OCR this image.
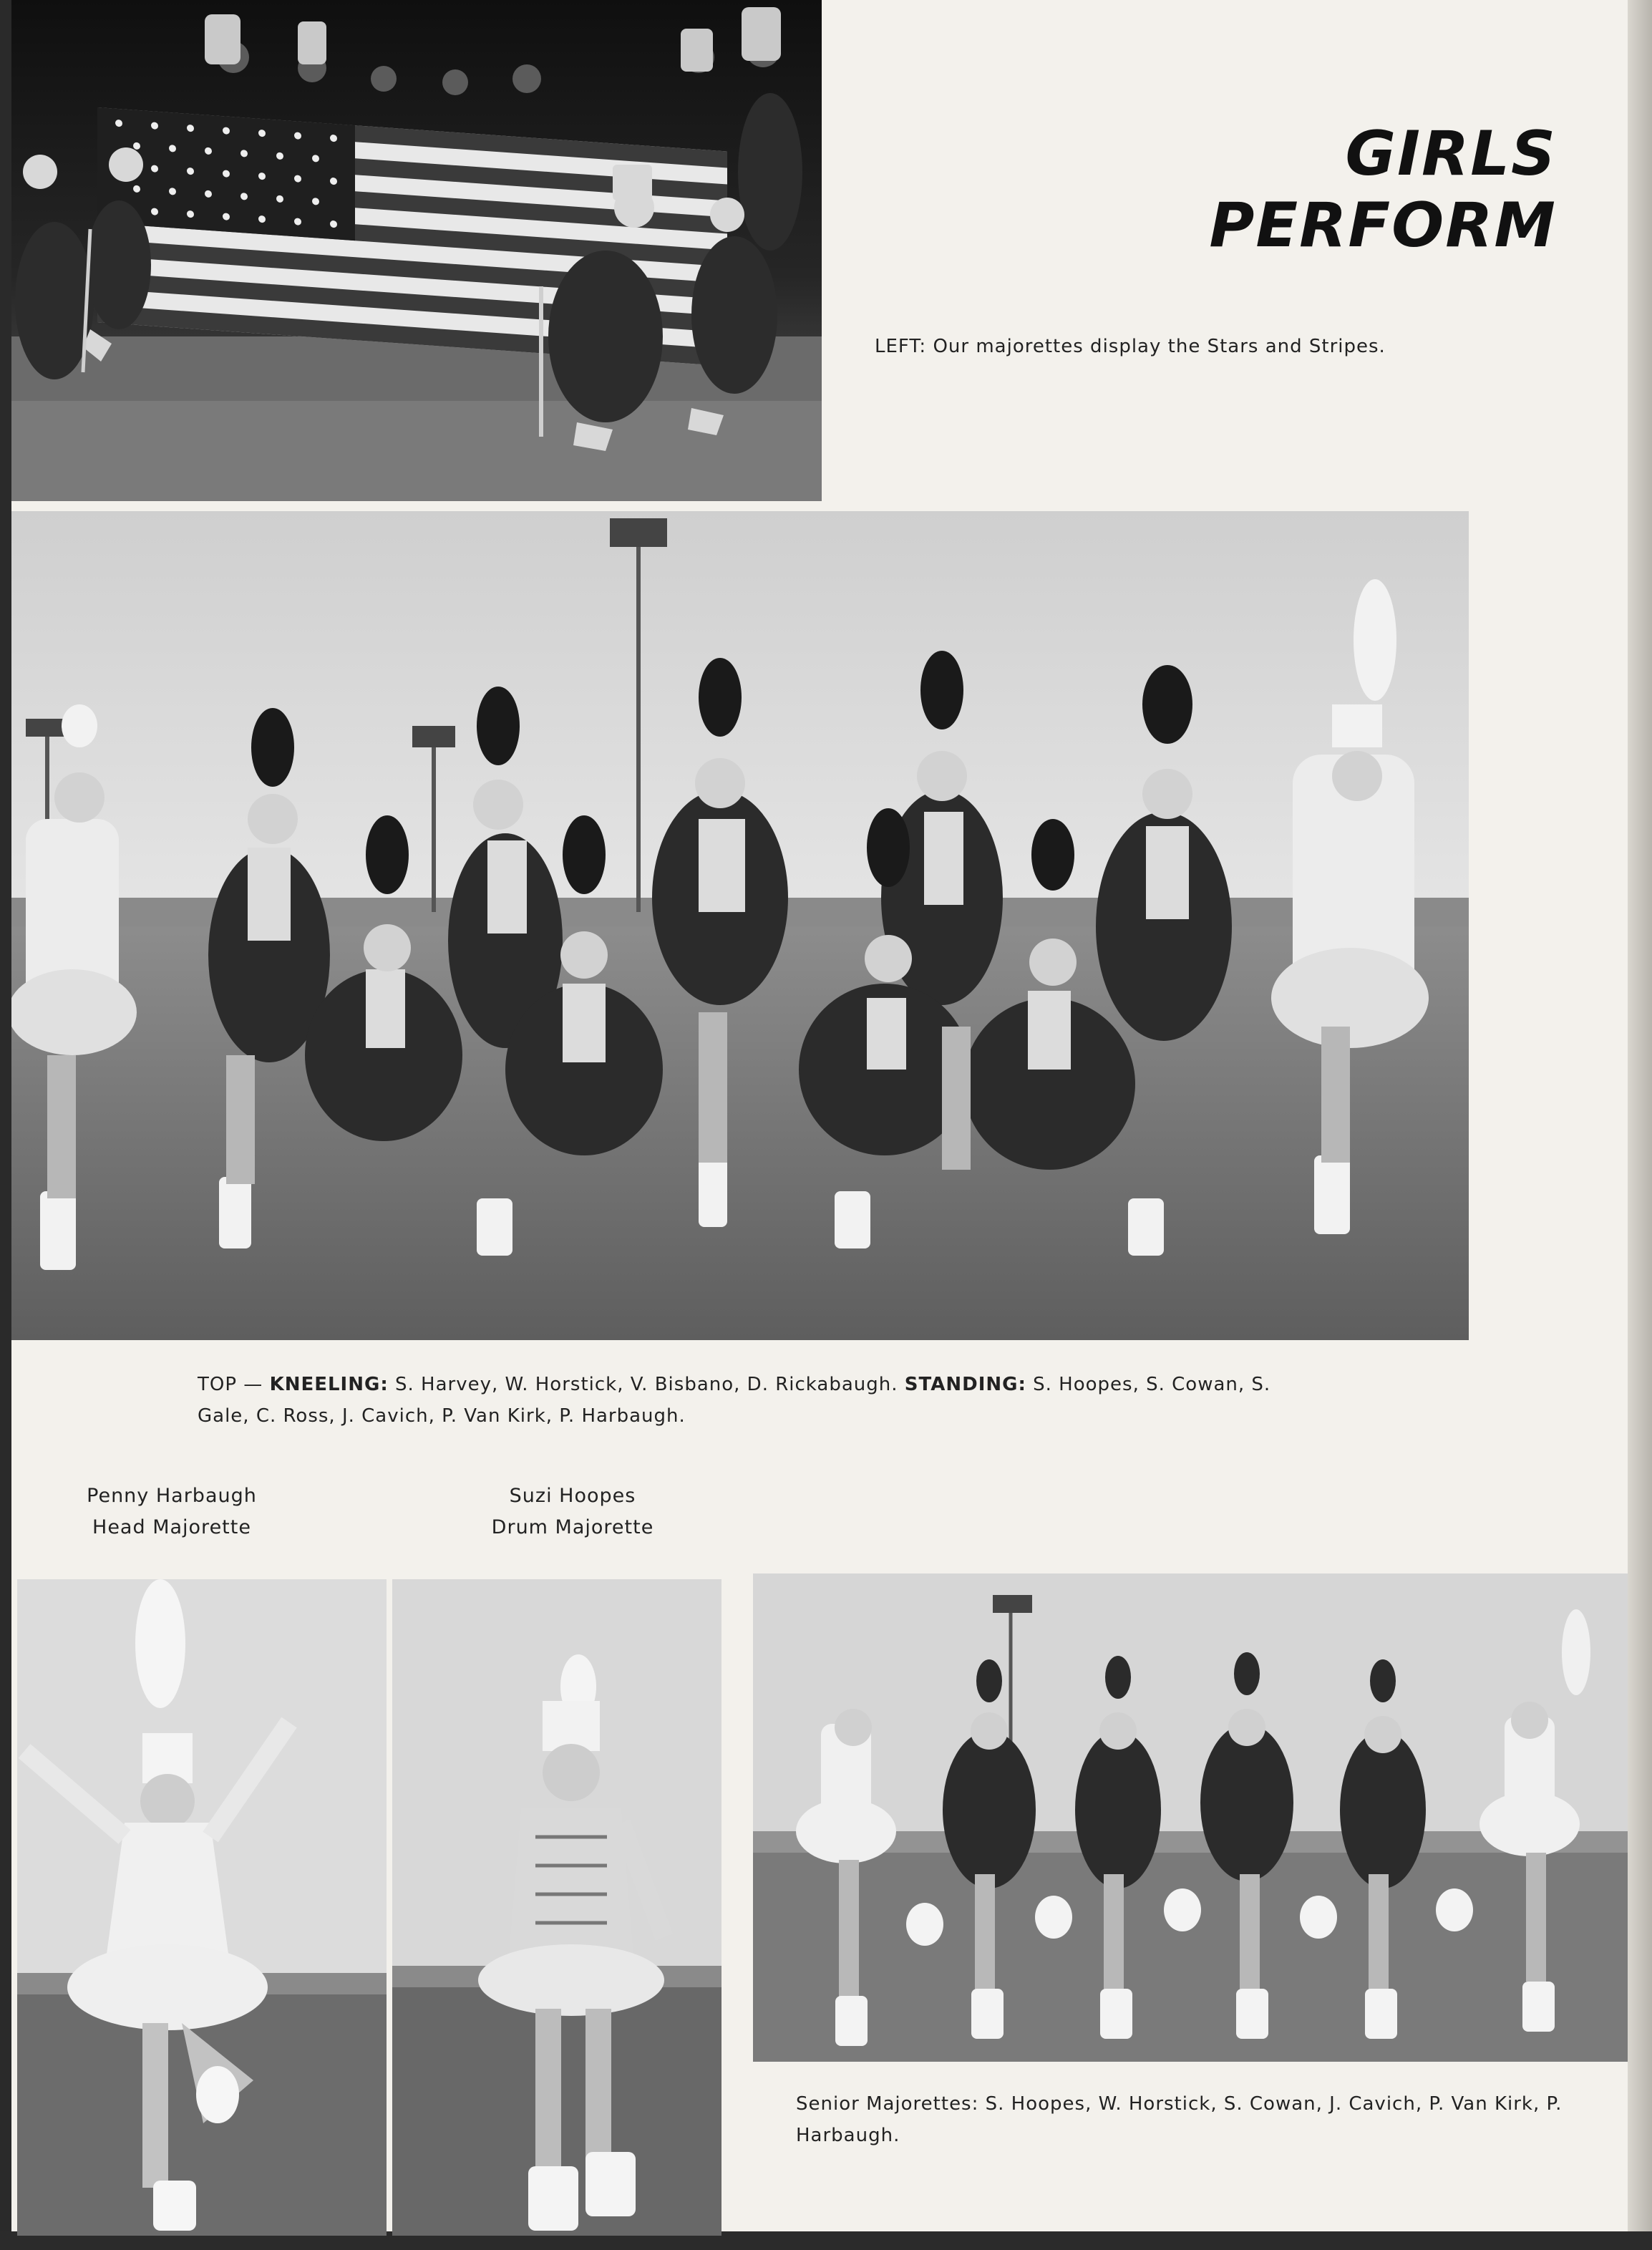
GIRLS PERFORM
LEFT: Our majorettes display the Stars and Stripes.
TOP — KNEELING: S. Harvey, W. Horstick, V. Bisbano, D. Rickabaugh. STANDING: S. Hoopes, S. Cowan, S. Gale, C. Ross, J. Cavich, P. Van Kirk, P. Harbaugh.
Penny Harbaugh
Head Majorette
Suzi Hoopes
Drum Majorette
Senior Majorettes: S. Hoopes, W. Horstick, S. Cowan, J. Cavich, P. Van Kirk, P. Harbaugh.
